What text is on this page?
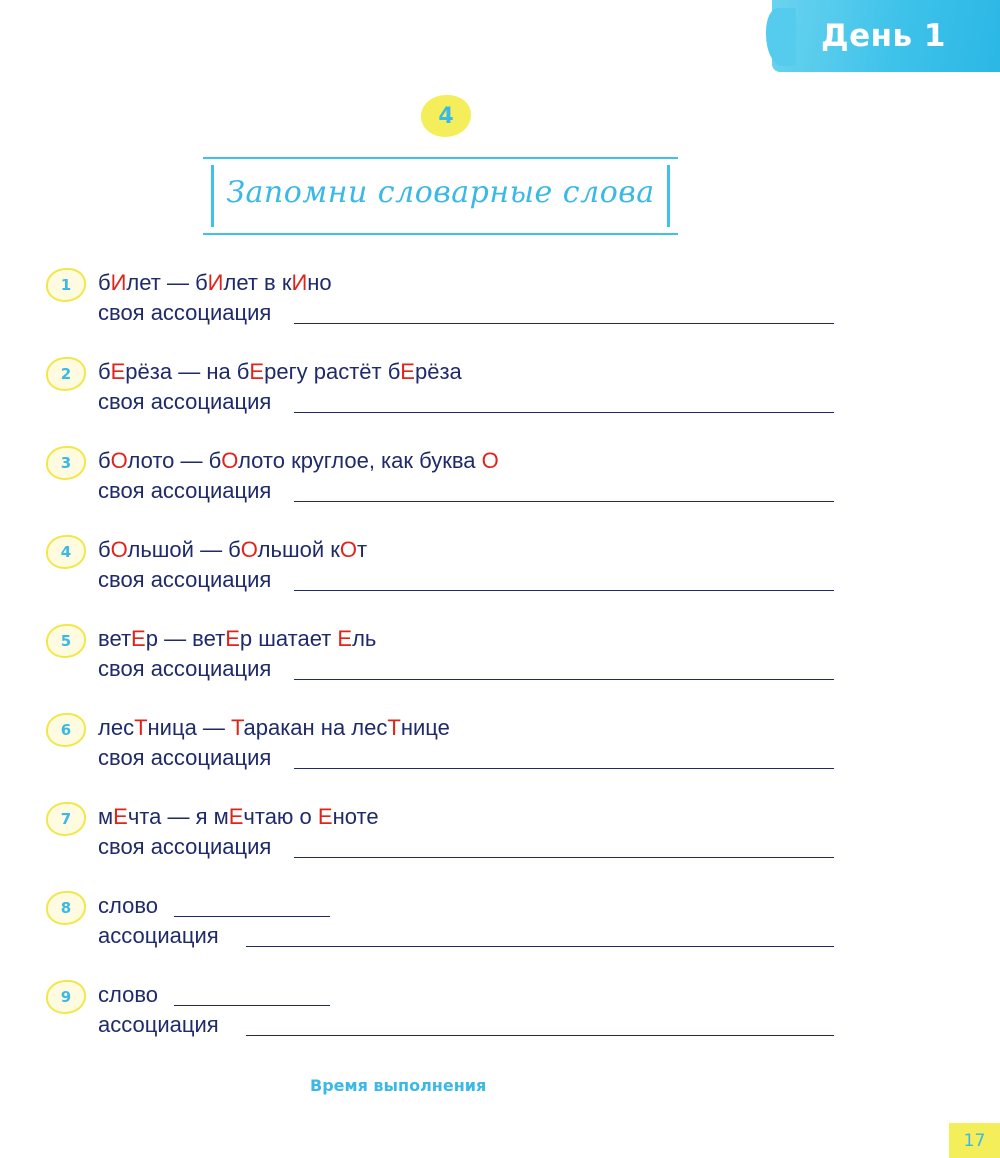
День 1
4
Запомни словарные слова
1	бИлет — бИлет в кИно
своя ассоциация
2	бЕрёза — на бЕрегу растёт бЕрёза
своя ассоциация
3	бОлото — бОлото круглое, как буква О
своя ассоциация
4	бОльшой — бОльшой кОт
своя ассоциация
5	ветЕр — ветЕр шатает Ель
своя ассоциация
6	лесТница — Таракан на лесТнице
своя ассоциация
7	мЕчта — я мЕчтаю о Еноте
своя ассоциация
8	слово
ассоциация
9	слово
ассоциация
Время выполнения
17
